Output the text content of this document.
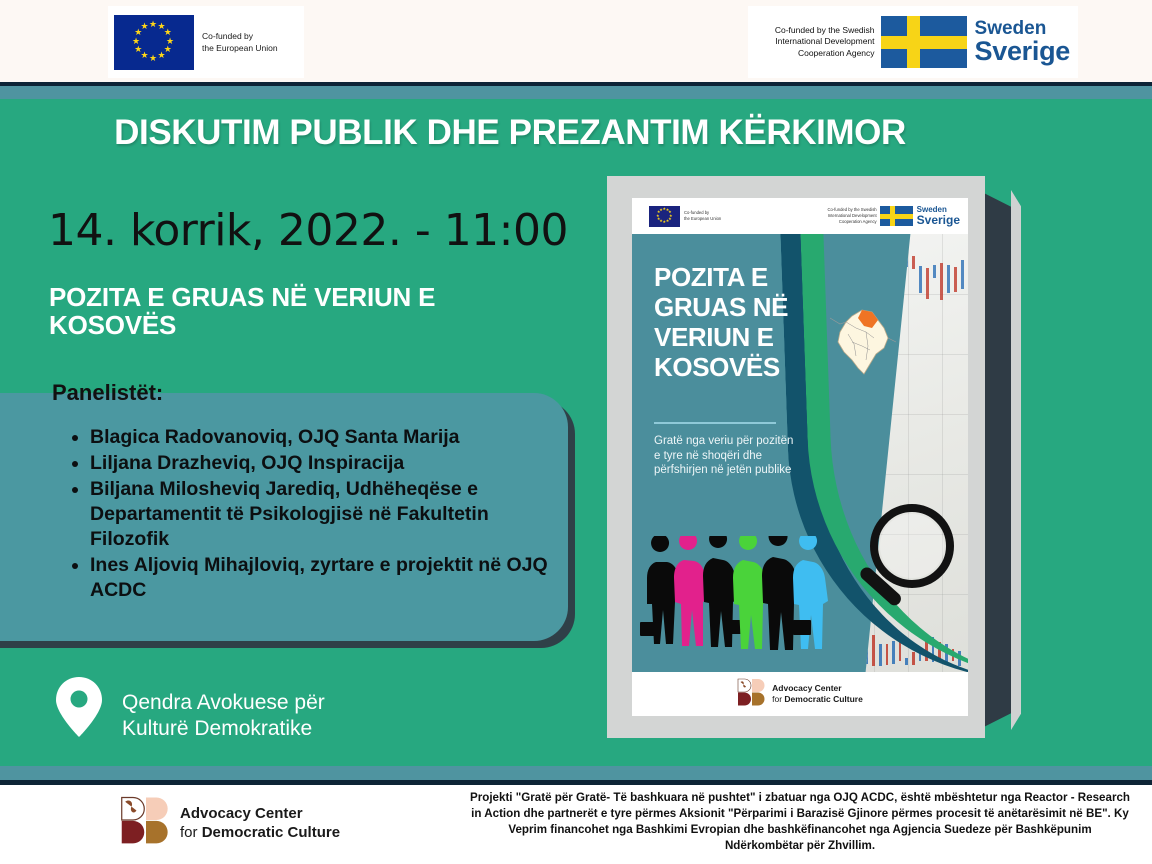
★ ★
★
★
★
★
★
★
★
★
★
★
Co-funded by
the European Union
Co-funded by the Swedish
International Development
Cooperation Agency
Sweden
Sverige
DISKUTIM PUBLIK DHE PREZANTIM KËRKIMOR
14. korrik, 2022. - 11:00
POZITA E GRUAS NË VERIUN E KOSOVËS
Panelistët:
• Blagica Radovanoviq, OJQ Santa Marija
• Liljana Drazheviq, OJQ Inspiracija
• Biljana Milosheviq Jarediq, Udhëheqëse e Departamentit të Psikologjisë në Fakultetin Filozofik
• Ines Aljoviq Mihajloviq, zyrtare e projektit në OJQ ACDC
Qendra Avokuese për
Kulturë Demokratike
★ ★
★
★
★
★
★
★
★
★
★
★
Co-funded by
the European Union
Co-funded by the Swedish
International Development
Cooperation Agency
Sweden
Sverige
POZITA E GRUAS NË VERIUN E KOSOVËS
Gratë nga veriu për pozitën e tyre në shoqëri dhe përfshirjen në jetën publike
Advocacy Center
for Democratic Culture
Advocacy Center
for Democratic Culture
Projekti "Gratë për Gratë- Të bashkuara në pushtet" i zbatuar nga OJQ ACDC, është mbështetur nga Reactor - Research in Action dhe partnerët e tyre përmes Aksionit "Përparimi i Barazisë Gjinore përmes procesit të anëtarësimit në BE". Ky Veprim financohet nga Bashkimi Evropian dhe bashkëfinancohet nga Agjencia Suedeze për Bashkëpunim Ndërkombëtar për Zhvillim.
